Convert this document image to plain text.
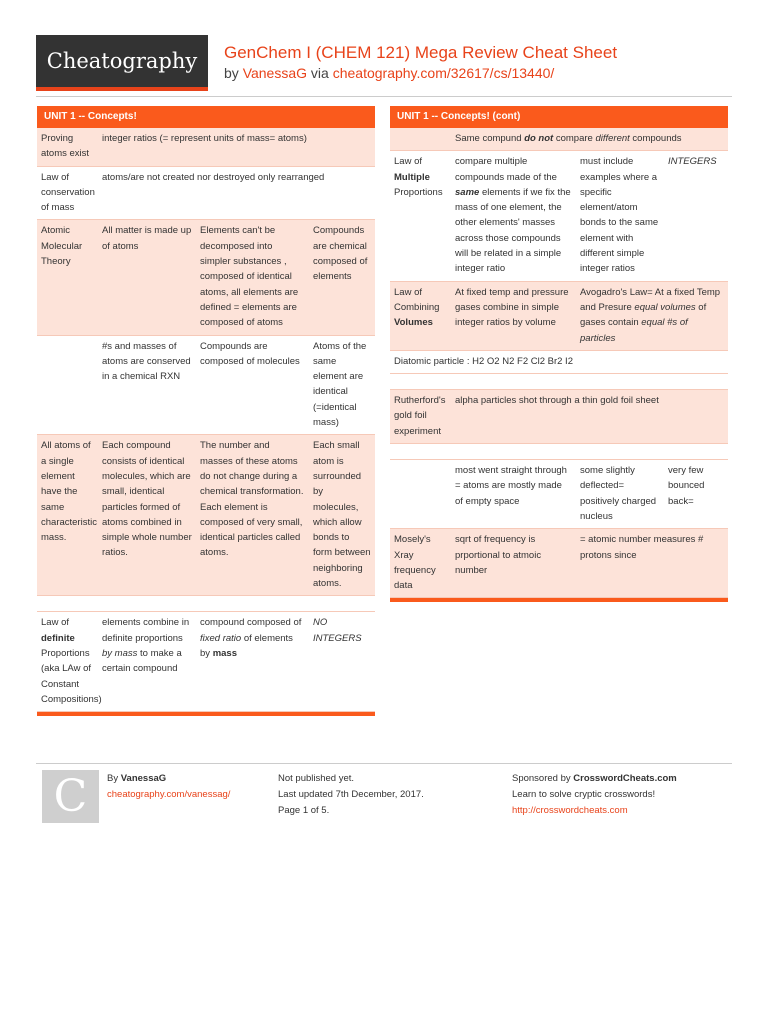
Cheatography GenChem I (CHEM 121) Mega Review Cheat Sheet
by VanessaG via cheatography.com/32617/cs/13440/
UNIT 1 -- Concepts!
Proving atoms exist	integer ratios (= represent units of mass= atoms)		
Law of conservation of mass	atoms/are not created nor destroyed only rearranged		
Atomic Molecular Theory	All matter is made up of atoms	Elements can't be decomposed into simpler substances , composed of identical atoms, all elements are defined = elements are composed of atoms	Compounds are chemical composed of elements
	#s and masses of atoms are conserved in a chemical RXN	Compounds are composed of molecules	Atoms of the same element are identical (=identical mass)
All atoms of a single element have the same characteristic mass.	Each compound consists of identical molecules, which are small, identical particles formed of atoms combined in simple whole number ratios.	The number and masses of these atoms do not change during a chemical transformation. Each element is composed of very small, identical particles called atoms.	Each small atom is surrounded by molecules, which allow bonds to form between neighboring atoms.

Law of definite Proportions (aka LAw of Constant Compositions)	elements combine in definite proportions by mass to make a certain compound	compound composed of fixed ratio of elements by mass	NO INTEGERS
UNIT 1 -- Concepts! (cont)
	Same compund do not compare different compounds		
Law of Multiple Proportions	compare multiple compounds made of the same elements if we fix the mass of one element, the other elements' masses across those compounds will be related in a simple integer ratio	must include examples where a specific element/atom bonds to the same element with different simple integer ratios	INTEGERS
Law of Combining Volumes	At fixed temp and pressure gases combine in simple integer ratios by volume	Avogadro's Law= At a fixed Temp and Presure equal volumes of gases contain equal #s of particles	
Diatomic particle : H2 O2 N2 F2 Cl2 Br2 I2			

Rutherford's gold foil experiment	alpha particles shot through a thin gold foil sheet		

	most went straight through = atoms are mostly made of empty space	some slightly deflected= positively charged nucleus	very few bounced back=
Mosely's Xray frequency data	sqrt of frequency is prportional to atmoic number	= atomic number measures # protons since	
C By VanessaG
cheatography.com/vanessag/
Not published yet.
Last updated 7th December, 2017.
Page 1 of 5.
Sponsored by CrosswordCheats.com
Learn to solve cryptic crosswords!
http://crosswordcheats.com
